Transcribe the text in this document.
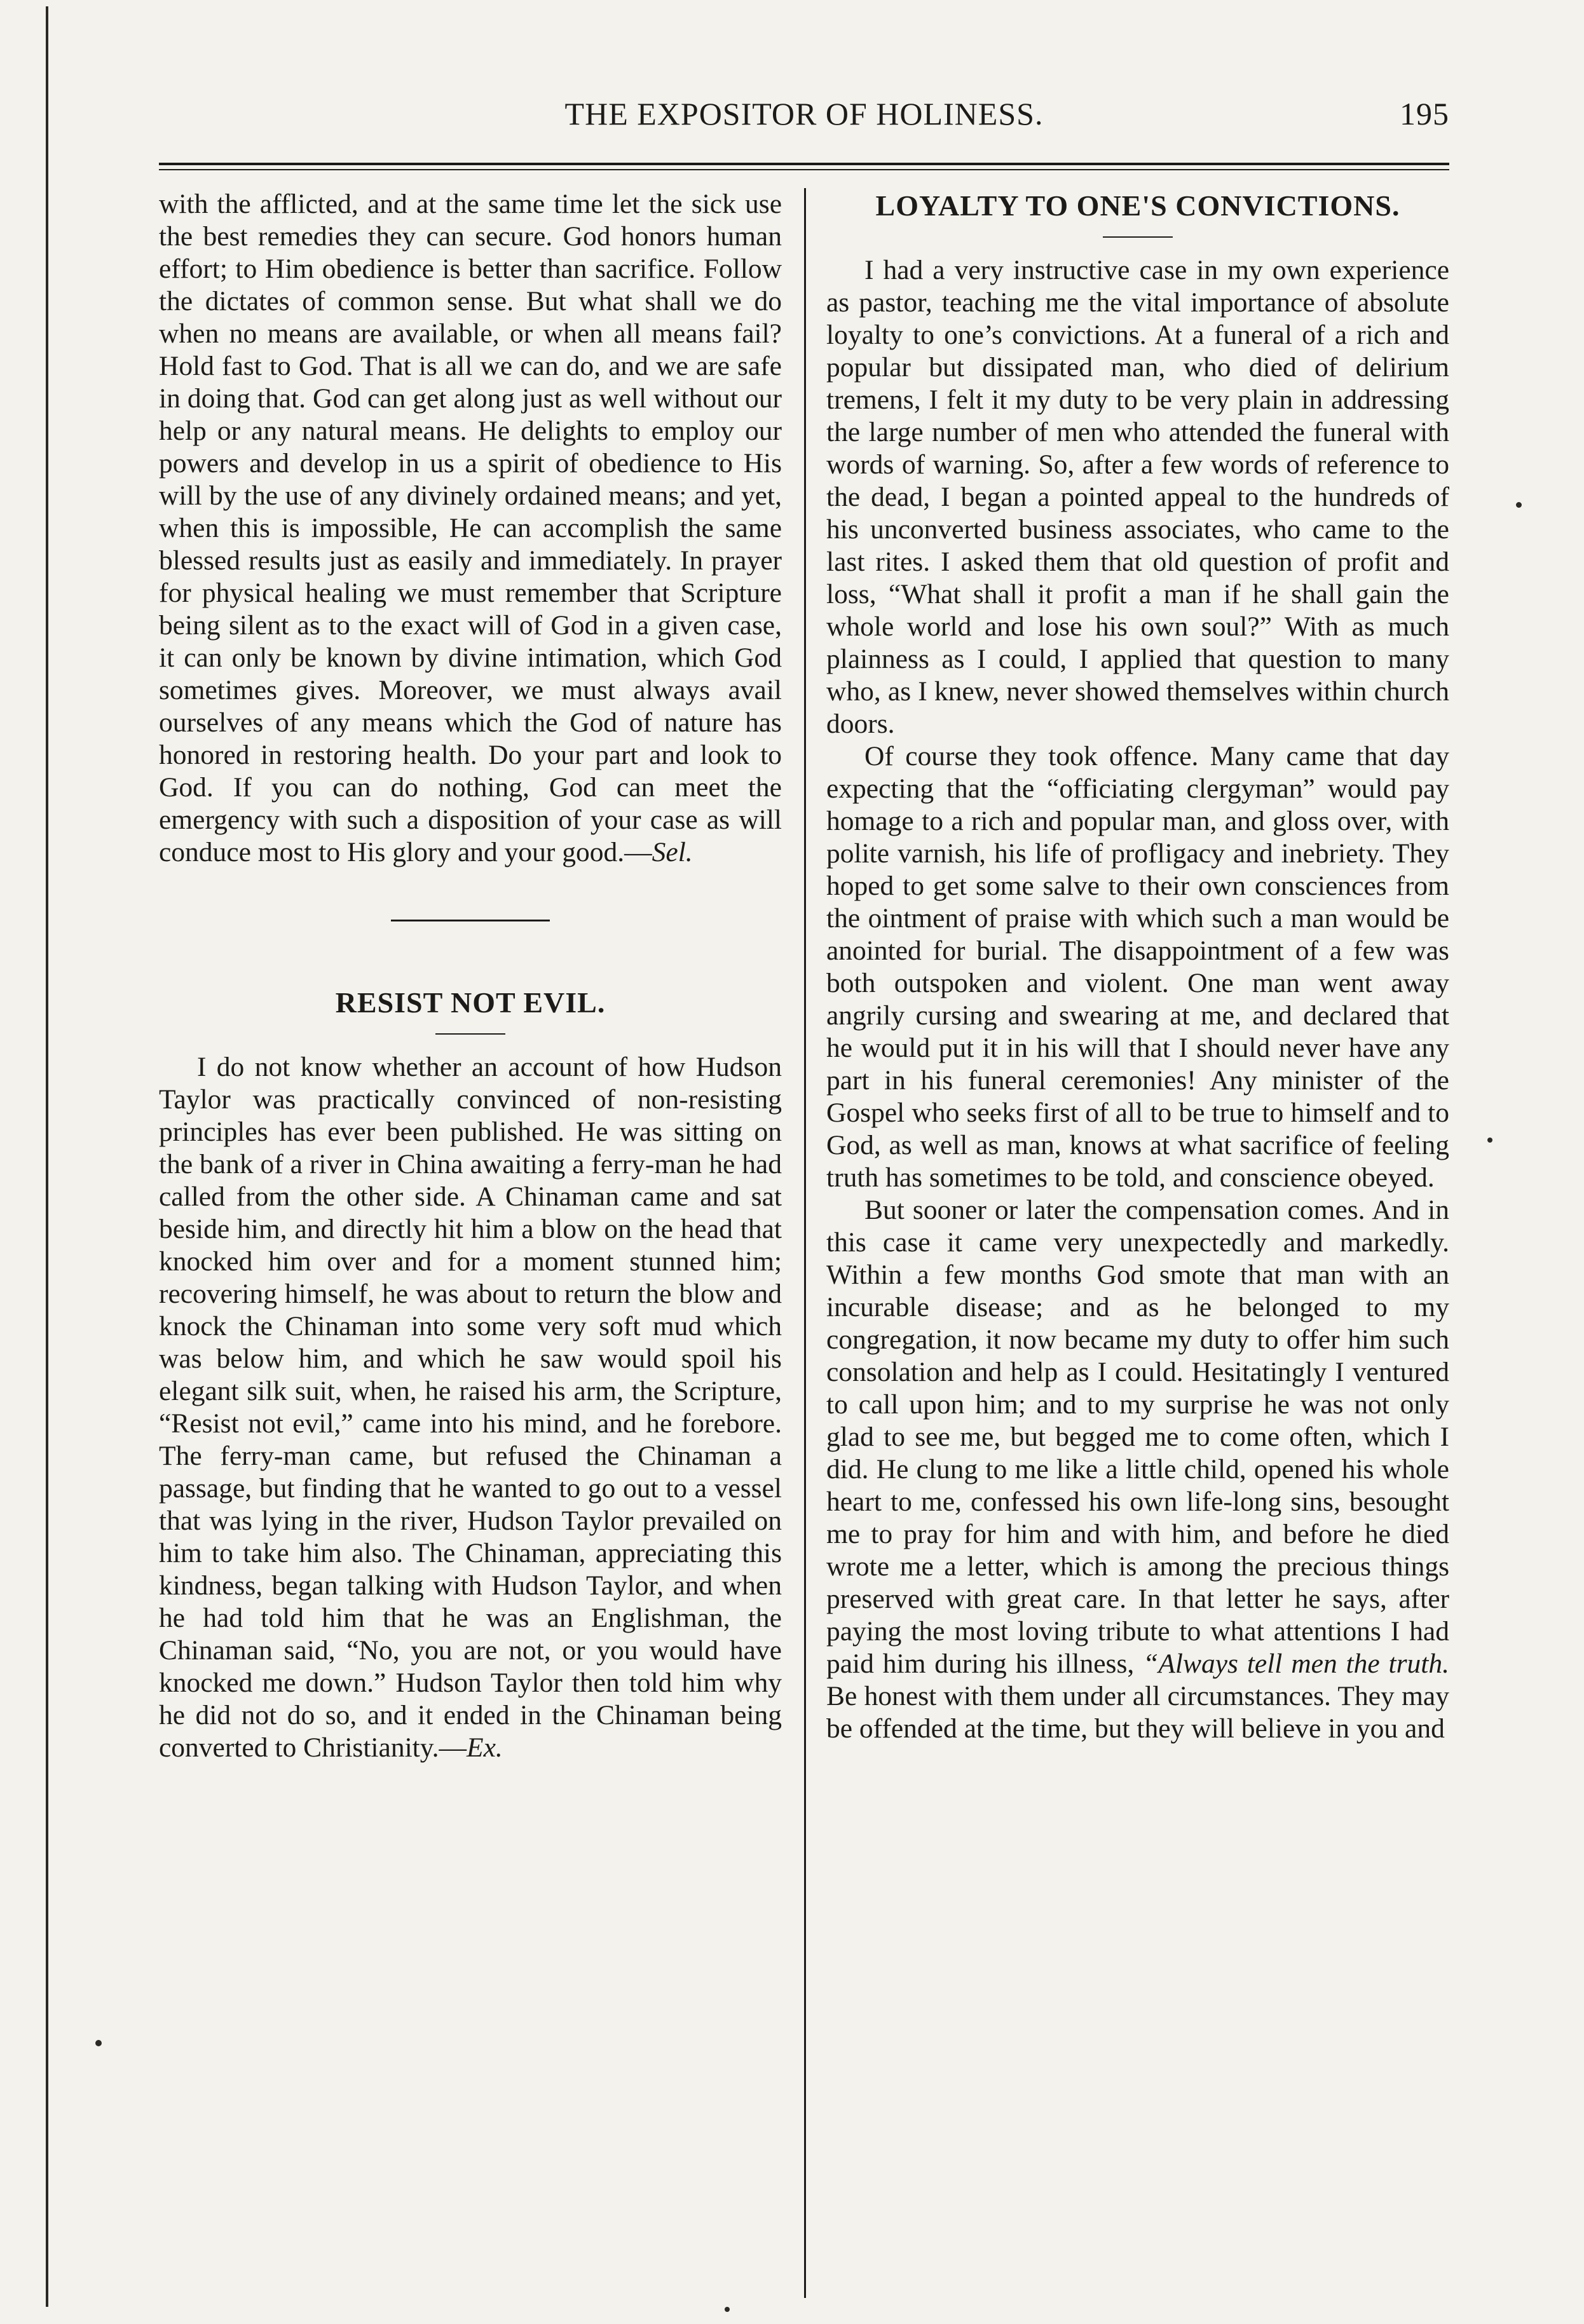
THE EXPOSITOR OF HOLINESS.	195

with the afflicted, and at the same time let the sick use the best remedies they can secure. God honors human effort; to Him obedience is better than sacrifice. Follow the dictates of common sense. But what shall we do when no means are available, or when all means fail? Hold fast to God. That is all we can do, and we are safe in doing that. God can get along just as well without our help or any natural means. He delights to employ our powers and develop in us a spirit of obedience to His will by the use of any divinely ordained means; and yet, when this is impossible, He can accomplish the same blessed results just as easily and immediately. In prayer for physical healing we must remember that Scripture being silent as to the exact will of God in a given case, it can only be known by divine intimation, which God sometimes gives. Moreover, we must always avail ourselves of any means which the God of nature has honored in restoring health. Do your part and look to God. If you can do nothing, God can meet the emergency with such a disposition of your case as will conduce most to His glory and your good.—Sel.

RESIST NOT EVIL.

I do not know whether an account of how Hudson Taylor was practically convinced of non-resisting principles has ever been published. He was sitting on the bank of a river in China awaiting a ferry-man he had called from the other side. A Chinaman came and sat beside him, and directly hit him a blow on the head that knocked him over and for a moment stunned him; recovering himself, he was about to return the blow and knock the Chinaman into some very soft mud which was below him, and which he saw would spoil his elegant silk suit, when, he raised his arm, the Scripture, “Resist not evil,” came into his mind, and he forebore. The ferry-man came, but refused the Chinaman a passage, but finding that he wanted to go out to a vessel that was lying in the river, Hudson Taylor prevailed on him to take him also. The Chinaman, appreciating this kindness, began talking with Hudson Taylor, and when he had told him that he was an Englishman, the Chinaman said, “No, you are not, or you would have knocked me down.” Hudson Taylor then told him why he did not do so, and it ended in the Chinaman being converted to Christianity.—Ex.

LOYALTY TO ONE'S CONVICTIONS.

I had a very instructive case in my own experience as pastor, teaching me the vital importance of absolute loyalty to one’s convictions. At a funeral of a rich and popular but dissipated man, who died of delirium tremens, I felt it my duty to be very plain in addressing the large number of men who attended the funeral with words of warning. So, after a few words of reference to the dead, I began a pointed appeal to the hundreds of his unconverted business associates, who came to the last rites. I asked them that old question of profit and loss, “What shall it profit a man if he shall gain the whole world and lose his own soul?” With as much plainness as I could, I applied that question to many who, as I knew, never showed themselves within church doors.

Of course they took offence. Many came that day expecting that the “officiating clergyman” would pay homage to a rich and popular man, and gloss over, with polite varnish, his life of profligacy and inebriety. They hoped to get some salve to their own consciences from the ointment of praise with which such a man would be anointed for burial. The disappointment of a few was both outspoken and violent. One man went away angrily cursing and swearing at me, and declared that he would put it in his will that I should never have any part in his funeral ceremonies! Any minister of the Gospel who seeks first of all to be true to himself and to God, as well as man, knows at what sacrifice of feeling truth has sometimes to be told, and conscience obeyed.

But sooner or later the compensation comes. And in this case it came very unexpectedly and markedly. Within a few months God smote that man with an incurable disease; and as he belonged to my congregation, it now became my duty to offer him such consolation and help as I could. Hesitatingly I ventured to call upon him; and to my surprise he was not only glad to see me, but begged me to come often, which I did. He clung to me like a little child, opened his whole heart to me, confessed his own life-long sins, besought me to pray for him and with him, and before he died wrote me a letter, which is among the precious things preserved with great care. In that letter he says, after paying the most loving tribute to what attentions I had paid him during his illness, “Always tell men the truth. Be honest with them under all circumstances. They may be offended at the time, but they will believe in you and
